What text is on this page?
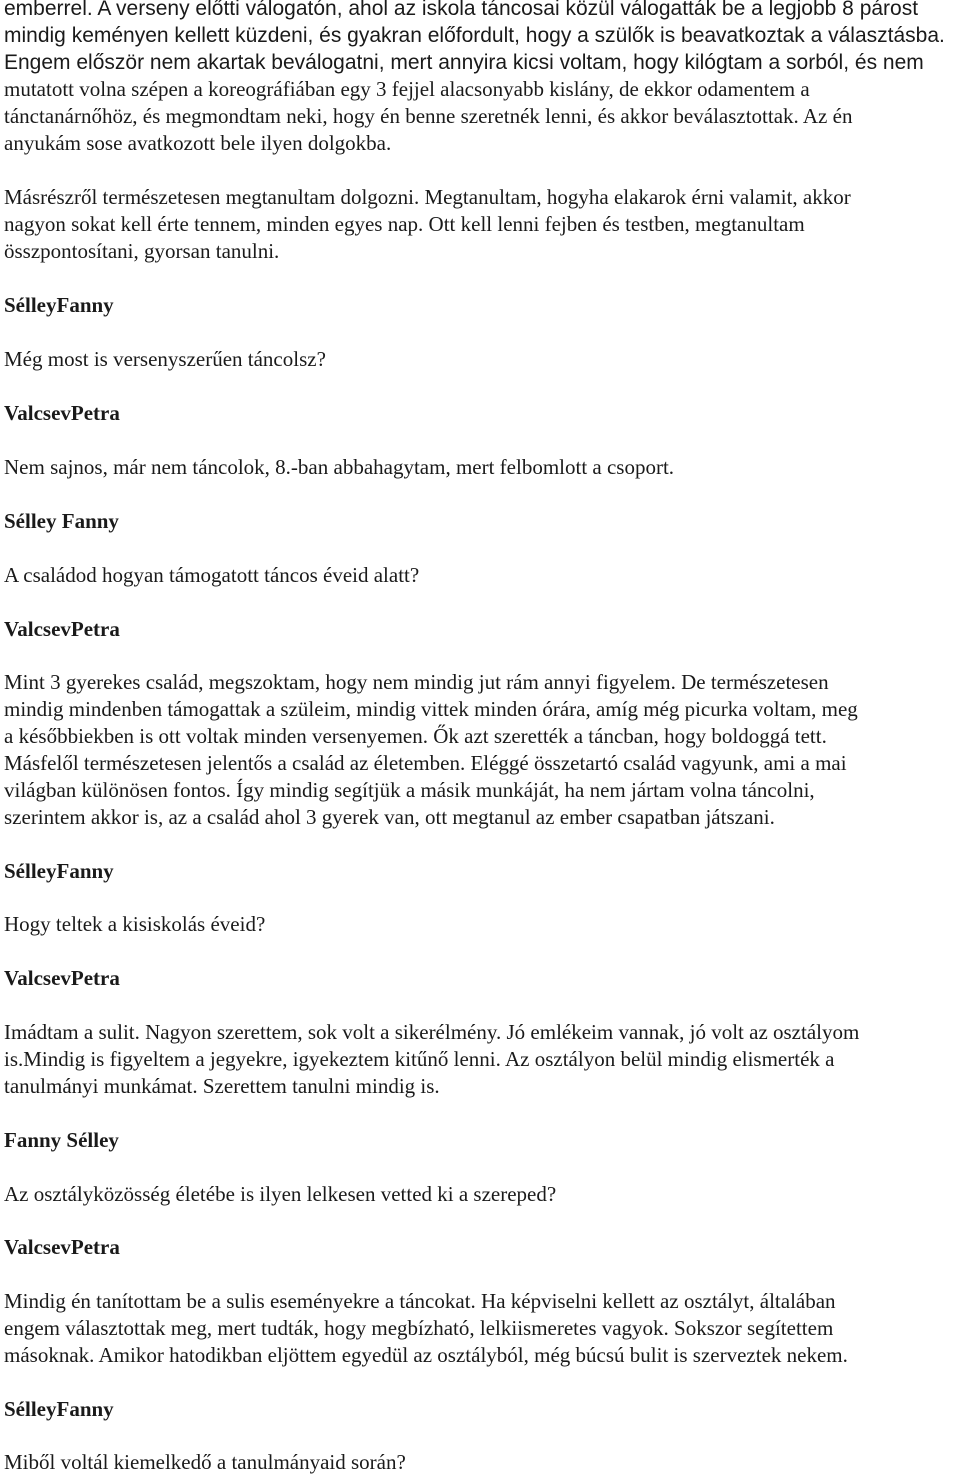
emberrel. A verseny előtti válogatón, ahol az iskola táncosai közül válogatták be a legjobb 8 párost
mindig keményen kellett küzdeni, és gyakran előfordult, hogy a szülők is beavatkoztak a választásba.
Engem először nem akartak beválogatni, mert annyira kicsi voltam, hogy kilógtam a sorból, és nem
mutatott volna szépen a koreográfiában egy 3 fejjel alacsonyabb kislány, de ekkor odamentem a
tánctanárnőhöz, és megmondtam neki, hogy én benne szeretnék lenni, és akkor beválasztottak. Az én
anyukám sose avatkozott bele ilyen dolgokba.
Másrészről természetesen megtanultam dolgozni. Megtanultam, hogyha elakarok érni valamit, akkor
nagyon sokat kell érte tennem, minden egyes nap. Ott kell lenni fejben és testben, megtanultam
összpontosítani, gyorsan tanulni.
SélleyFanny
Még most is versenyszerűen táncolsz?
ValcsevPetra
Nem sajnos, már nem táncolok, 8.-ban abbahagytam, mert felbomlott a csoport.
Sélley Fanny
A családod hogyan támogatott táncos éveid alatt?
ValcsevPetra
Mint 3 gyerekes család, megszoktam, hogy nem mindig jut rám annyi figyelem. De természetesen
mindig mindenben támogattak a szüleim, mindig vittek minden órára, amíg még picurka voltam, meg
a későbbiekben is ott voltak minden versenyemen. Ők azt szerették a táncban, hogy boldoggá tett.
Másfelől természetesen jelentős a család az életemben. Eléggé összetartó család vagyunk, ami a mai
világban különösen fontos. Így mindig segítjük a másik munkáját, ha nem jártam volna táncolni,
szerintem akkor is, az a család ahol 3 gyerek van, ott megtanul az ember csapatban játszani.
SélleyFanny
Hogy teltek a kisiskolás éveid?
ValcsevPetra
Imádtam a sulit. Nagyon szerettem, sok volt a sikerélmény. Jó emlékeim vannak, jó volt az osztályom
is.Mindig is figyeltem a jegyekre, igyekeztem kitűnő lenni. Az osztályon belül mindig elismerték a
tanulmányi munkámat. Szerettem tanulni mindig is.
Fanny Sélley
Az osztályközösség életébe is ilyen lelkesen vetted ki a szereped?
ValcsevPetra
Mindig én tanítottam be a sulis eseményekre a táncokat. Ha képviselni kellett az osztályt, általában
engem választottak meg, mert tudták, hogy megbízható, lelkiismeretes vagyok. Sokszor segítettem
másoknak. Amikor hatodikban eljöttem egyedül az osztályból, még búcsú bulit is szerveztek nekem.
SélleyFanny
Miből voltál kiemelkedő a tanulmányaid során?
